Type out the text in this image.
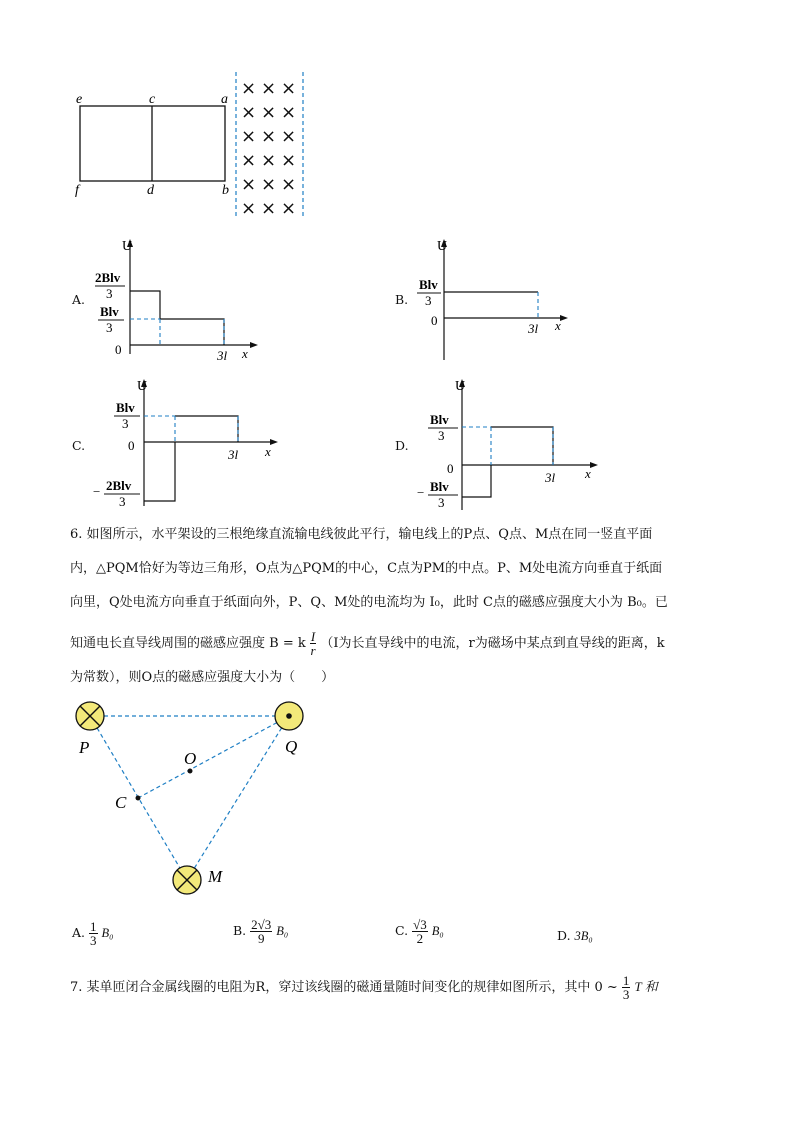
e	c	a
f	d	b
× × ×
× × ×
× × ×
× × ×
× × ×
× × ×
A.
U
x
0	3l
2Blv
3
Blv
3
B.
U
x
0
3l
Blv
3
C.
U
x
0
3l
Blv
3
− 2Blv
3
D.
U
x
0
3l
Blv
3
− Blv
3
6. 如图所示，水平架设的三根绝缘直流输电线彼此平行，输电线上的P点、Q点、M点在同一竖直平面
内，△PQM恰好为等边三角形，O点为△PQM的中心，C点为PM的中点。P、M处电流方向垂直于纸面
向里，Q处电流方向垂直于纸面向外，P、Q、M处的电流均为 I₀，此时 C点的磁感应强度大小为 B₀。已
知通电长直导线周围的磁感应强度 B = k $\frac{I}{r} (I$为长直导线中的电流，r为磁场中某点到直导线的距离，k
为常数），则O点的磁感应强度大小为（　　）
P	Q
M
O
C
A. $\frac{1}{3} B_0$	B. $\frac{2√3}{9} B_0$	C. $\frac{√3}{2} B_0$	D. 3B₀
7. 某单匝闭合金属线圈的电阻为R，穿过该线圈的磁通量随时间变化的规律如图所示，其中 0 ~ $\frac{1}{3}$ T 和
